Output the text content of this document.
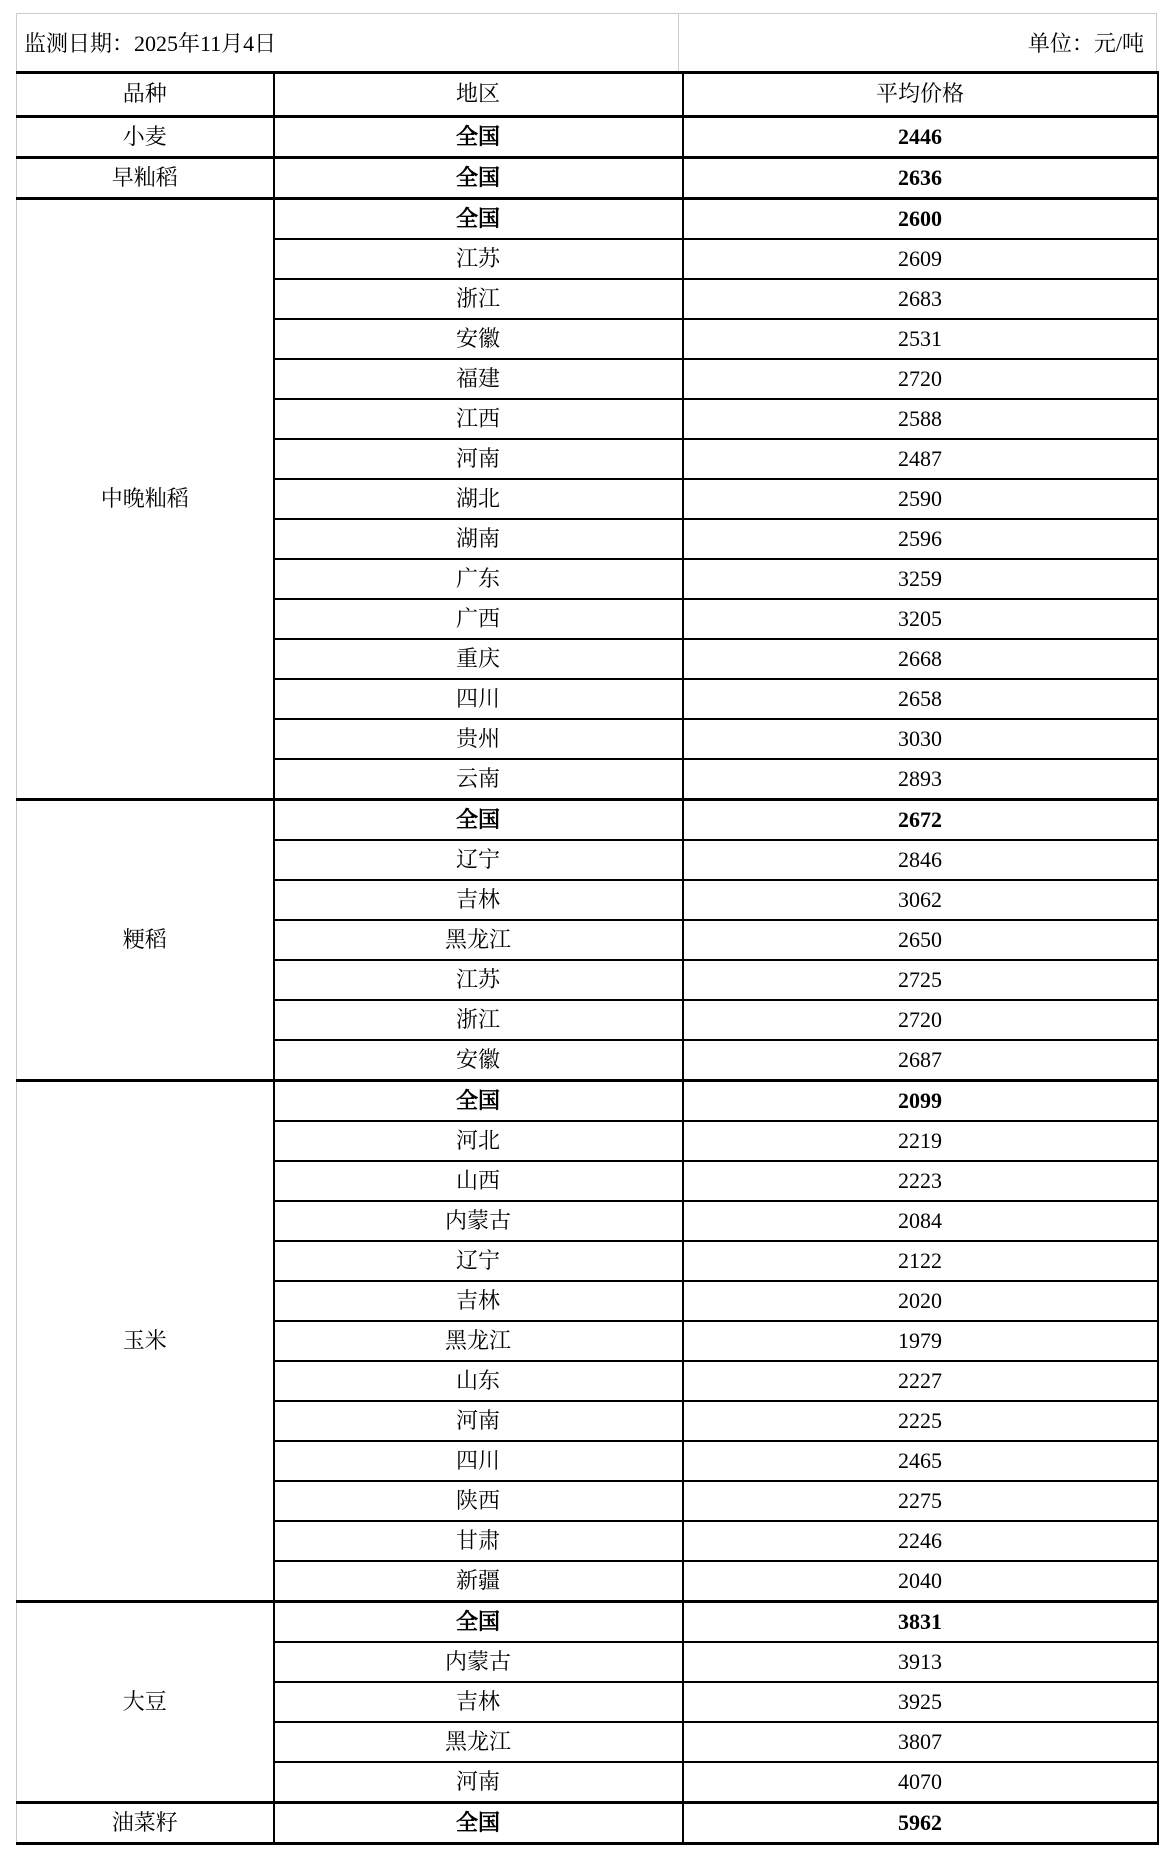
监测日期：2025年11月4日	单位：元/吨
品种	地区	平均价格
小麦	全国	2446
早籼稻	全国	2636
中晚籼稻	全国	2600
	江苏	2609
	浙江	2683
	安徽	2531
	福建	2720
	江西	2588
	河南	2487
	湖北	2590
	湖南	2596
	广东	3259
	广西	3205
	重庆	2668
	四川	2658
	贵州	3030
	云南	2893
粳稻	全国	2672
	辽宁	2846
	吉林	3062
	黑龙江	2650
	江苏	2725
	浙江	2720
	安徽	2687
玉米	全国	2099
	河北	2219
	山西	2223
	内蒙古	2084
	辽宁	2122
	吉林	2020
	黑龙江	1979
	山东	2227
	河南	2225
	四川	2465
	陕西	2275
	甘肃	2246
	新疆	2040
大豆	全国	3831
	内蒙古	3913
	吉林	3925
	黑龙江	3807
	河南	4070
油菜籽	全国	5962
